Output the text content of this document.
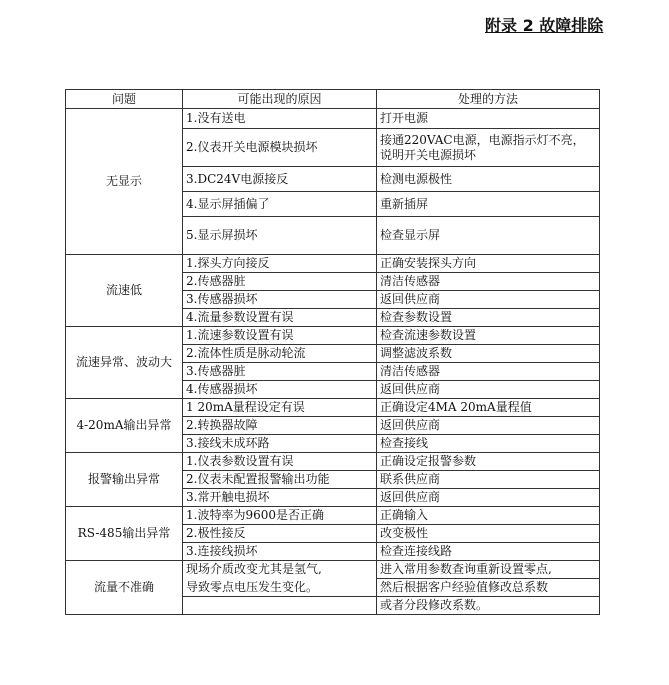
附录 2 故障排除
问题	可能出现的原因	处理的方法
无显示	1.没有送电	打开电源
	2.仪表开关电源模块损坏	接通220VAC电源，电源指示灯不亮，说明开关电源损坏
	3.DC24V电源接反	检测电源极性
	4.显示屏插偏了	重新插屏
	5.显示屏损坏	检查显示屏
流速低	1.探头方向接反	正确安装探头方向
	2.传感器脏	清洁传感器
	3.传感器损坏	返回供应商
	4.流量参数设置有误	检查参数设置
流速异常、波动大	1.流速参数设置有误	检查流速参数设置
	2.流体性质是脉动轮流	调整滤波系数
	3.传感器脏	清洁传感器
	4.传感器损坏	返回供应商
4-20mA输出异常	1 20mA量程设定有误	正确设定4MA 20mA量程值
	2.转换器故障	返回供应商
	3.接线未成环路	检查接线
报警输出异常	1.仪表参数设置有误	正确设定报警参数
	2.仪表未配置报警输出功能	联系供应商
	3.常开触电损坏	返回供应商
RS-485输出异常	1.波特率为9600是否正确	正确输入
	2.极性接反	改变极性
	3.连接线损坏	检查连接线路
流量不准确	现场介质改变尤其是氢气,	进入常用参数查询重新设置零点,
	导致零点电压发生变化。	然后根据客户经验值修改总系数
		或者分段修改系数。
